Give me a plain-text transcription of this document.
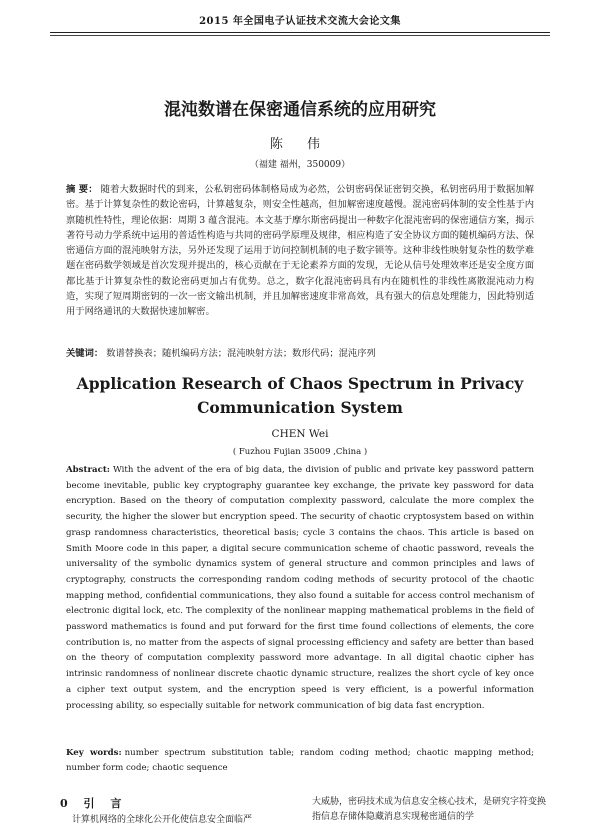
2015 年全国电子认证技术交流大会论文集
混沌数谱在保密通信系统的应用研究
陈 伟
（福建 福州，350009）
摘 要： 随着大数据时代的到来，公私钥密码体制格局成为必然，公钥密码保证密钥交换，私钥密码用于数据加解密。基于计算复杂性的数论密码，计算越复杂，则安全性越高，但加解密速度越慢。混沌密码体制的安全性基于内禀随机性特性，理论依据：周期 3 蕴含混沌。本文基于摩尔斯密码提出一种数字化混沌密码的保密通信方案，揭示著符号动力学系统中运用的普适性构造与共同的密码学原理及规律，相应构造了安全协议方面的随机编码方法、保密通信方面的混沌映射方法，另外还发现了运用于访问控制机制的电子数字锁等。这种非线性映射复杂性的数学难题在密码数学领域是首次发现并提出的，核心贡献在于无论素养方面的发现，无论从信号处理效率还是安全度方面都比基于计算复杂性的数论密码更加占有优势。总之，数字化混沌密码具有内在随机性的非线性离散混沌动力构造，实现了短周期密钥的一次一密文输出机制，并且加解密速度非常高效，具有强大的信息处理能力，因此特别适用于网络通讯的大数据快速加解密。
关键词： 数谱替换表；随机编码方法；混沌映射方法；数形代码；混沌序列
Application Research of Chaos Spectrum in Privacy
Communication System
CHEN Wei
( Fuzhou Fujian 35009 ,China )
Abstract: With the advent of the era of big data, the division of public and private key password pattern become inevitable, public key cryptography guarantee key exchange, the private key password for data encryption. Based on the theory of computation complexity password, calculate the more complex the security, the higher the slower but encryption speed. The security of chaotic cryptosystem based on within grasp randomness characteristics, theoretical basis; cycle 3 contains the chaos. This article is based on Smith Moore code in this paper, a digital secure communication scheme of chaotic password, reveals the universality of the symbolic dynamics system of general structure and common principles and laws of cryptography, constructs the corresponding random coding methods of security protocol of the chaotic mapping method, confidential communications, they also found a suitable for access control mechanism of electronic digital lock, etc. The complexity of the nonlinear mapping mathematical problems in the field of password mathematics is found and put forward for the first time found collections of elements, the core contribution is, no matter from the aspects of signal processing efficiency and safety are better than based on the theory of computation complexity password more advantage. In all digital chaotic cipher has intrinsic randomness of nonlinear discrete chaotic dynamic structure, realizes the short cycle of key once a cipher text output system, and the encryption speed is very efficient, is a powerful information processing ability, so especially suitable for network communication of big data fast encryption.
Key words: number spectrum substitution table; random coding method; chaotic mapping method; number form code; chaotic sequence
0 引 言
计算机网络的全球化公开化使信息安全面临严
大威胁，密码技术成为信息安全核心技术，是研究字符变换指信息存储体隐藏消息实现秘密通信的学
